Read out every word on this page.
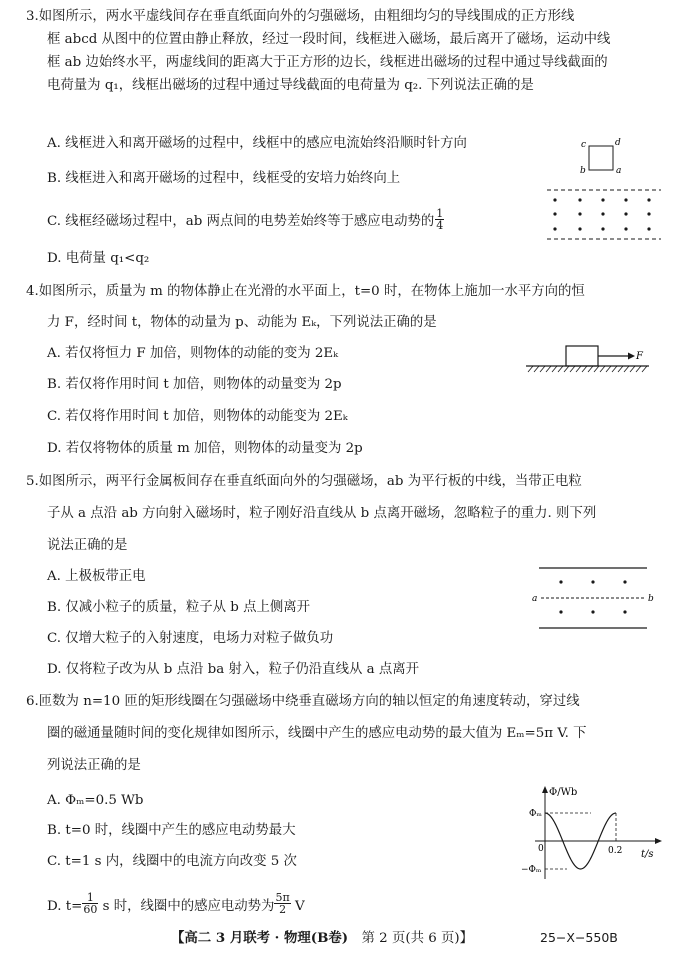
3.如图所示，两水平虚线间存在垂直纸面向外的匀强磁场，由粗细均匀的导线围成的正方形线
框 abcd 从图中的位置由静止释放，经过一段时间，线框进入磁场，最后离开了磁场，运动中线
框 ab 边始终水平，两虚线间的距离大于正方形的边长，线框进出磁场的过程中通过导线截面的
电荷量为 q₁，线框出磁场的过程中通过导线截面的电荷量为 q₂. 下列说法正确的是
A. 线框进入和离开磁场的过程中，线框中的感应电流始终沿顺时针方向
B. 线框进入和离开磁场的过程中，线框受的安培力始终向上
C. 线框经磁场过程中，ab 两点间的电势差始终等于感应电动势的 $\frac{1}{4}$
D. 电荷量 q₁<q₂
c	d
b	a
4.如图所示，质量为 m 的物体静止在光滑的水平面上，t=0 时，在物体上施加一水平方向的恒
力 F，经时间 t，物体的动量为 p、动能为 Eₖ，下列说法正确的是
A. 若仅将恒力 F 加倍，则物体的动能的变为 2Eₖ
B. 若仅将作用时间 t 加倍，则物体的动量变为 2p
C. 若仅将作用时间 t 加倍，则物体的动能变为 2Eₖ
D. 若仅将物体的质量 m 加倍，则物体的动量变为 2p
F
5.如图所示，两平行金属板间存在垂直纸面向外的匀强磁场，ab 为平行板的中线，当带正电粒
子从 a 点沿 ab 方向射入磁场时，粒子刚好沿直线从 b 点离开磁场，忽略粒子的重力. 则下列
说法正确的是
A. 上极板带正电
B. 仅减小粒子的质量，粒子从 b 点上侧离开
C. 仅增大粒子的入射速度，电场力对粒子做负功
D. 仅将粒子改为从 b 点沿 ba 射入，粒子仍沿直线从 a 点离开
a	b
6.匝数为 n=10 匝的矩形线圈在匀强磁场中绕垂直磁场方向的轴以恒定的角速度转动，穿过线
圈的磁通量随时间的变化规律如图所示，线圈中产生的感应电动势的最大值为 Eₘ=5π V. 下
列说法正确的是
A. Φₘ=0.5 Wb
B. t=0 时，线圈中产生的感应电动势最大
C. t=1 s 内，线圈中的电流方向改变 5 次
D. $t= \frac{1}{60}$ s 时，线圈中的感应电动势为 $\frac{5\pi}{2}$ V
Φ/Wb
t/s
Φₘ
−Φₘ
0	0.2
【高二 3 月联考 · 物理(B卷)　 第 2 页(共 6 页)】	25−X−550B
